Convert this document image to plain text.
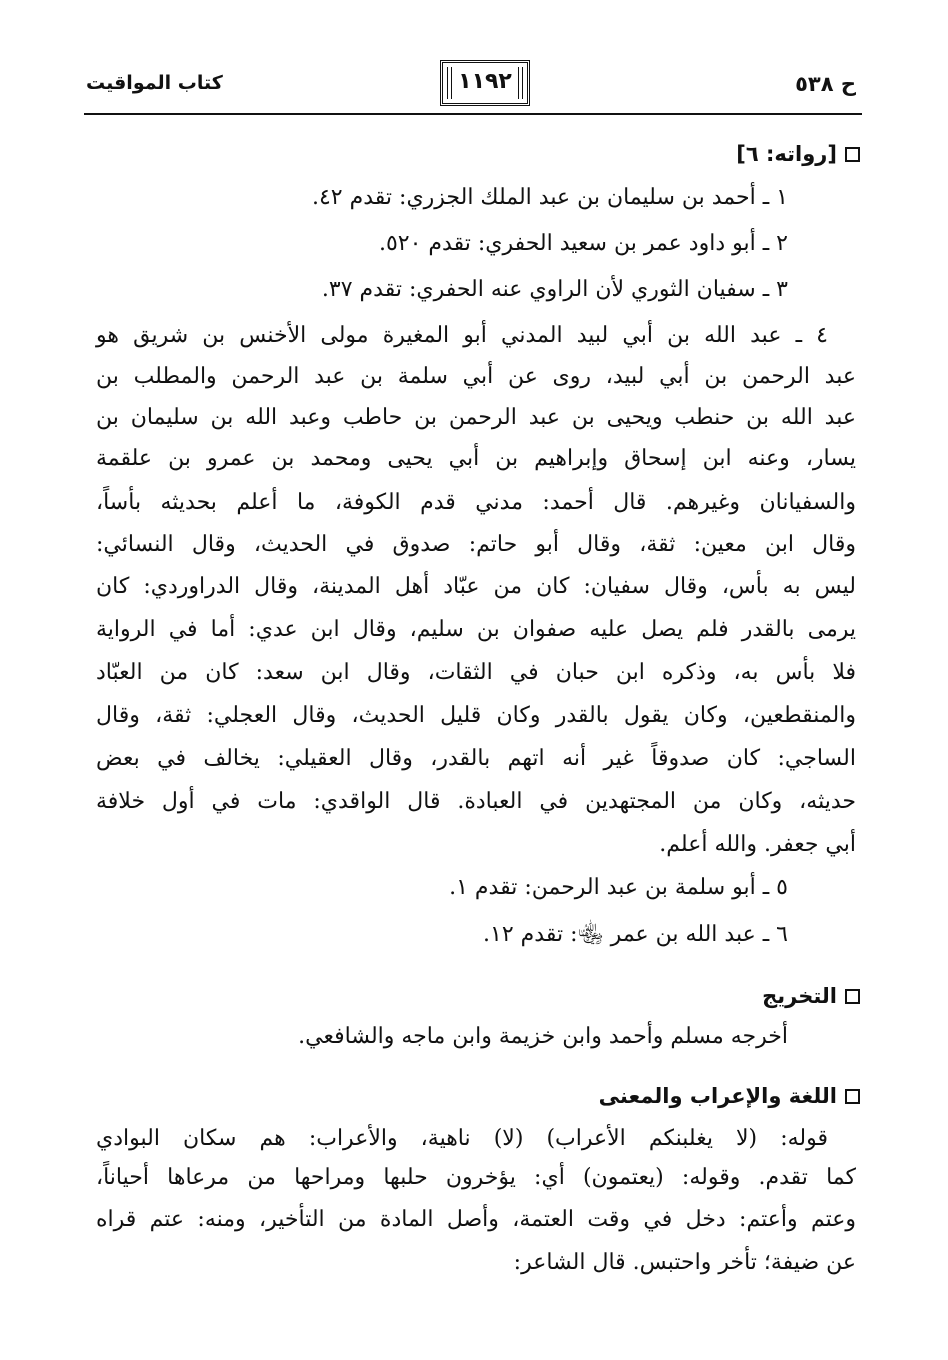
ح ٥٣٨
١١٩٢
كتاب المواقيت
[رواته: ٦]
١ ـ أحمد بن سليمان بن عبد الملك الجزري: تقدم ٤٢.
٢ ـ أبو داود عمر بن سعيد الحفري: تقدم ٥٢٠.
٣ ـ سفيان الثوري لأن الراوي عنه الحفري: تقدم ٣٧.
٤ ـ عبد الله بن أبي لبيد المدني أبو المغيرة مولى الأخنس بن شريق هو
عبد الرحمن بن أبي لبيد، روى عن أبي سلمة بن عبد الرحمن والمطلب بن
عبد الله بن حنطب ويحيى بن عبد الرحمن بن حاطب وعبد الله بن سليمان بن
يسار، وعنه ابن إسحاق وإبراهيم بن أبي يحيى ومحمد بن عمرو بن علقمة
والسفيانان وغيرهم. قال أحمد: مدني قدم الكوفة، ما أعلم بحديثه بأساً،
وقال ابن معين: ثقة، وقال أبو حاتم: صدوق في الحديث، وقال النسائي:
ليس به بأس، وقال سفيان: كان من عبّاد أهل المدينة، وقال الدراوردي: كان
يرمى بالقدر فلم يصل عليه صفوان بن سليم، وقال ابن عدي: أما في الرواية
فلا بأس به، وذكره ابن حبان في الثقات، وقال ابن سعد: كان من العبّاد
والمنقطعين، وكان يقول بالقدر وكان قليل الحديث، وقال العجلي: ثقة، وقال
الساجي: كان صدوقاً غير أنه اتهم بالقدر، وقال العقيلي: يخالف في بعض
حديثه، وكان من المجتهدين في العبادة. قال الواقدي: مات في أول خلافة
أبي جعفر. والله أعلم.
٥ ـ أبو سلمة بن عبد الرحمن: تقدم ١.
٦ ـ عبد الله بن عمر ﵄: تقدم ١٢.
التخريج
أخرجه مسلم وأحمد وابن خزيمة وابن ماجه والشافعي.
اللغة والإعراب والمعنى
قوله: (لا يغلبنكم الأعراب) (لا) ناهية، والأعراب: هم سكان البوادي
كما تقدم. وقوله: (يعتمون) أي: يؤخرون حلبها ومراحها من مرعاها أحياناً،
وعتم وأعتم: دخل في وقت العتمة، وأصل المادة من التأخير، ومنه: عتم قراه
عن ضيفة؛ تأخر واحتبس. قال الشاعر:
